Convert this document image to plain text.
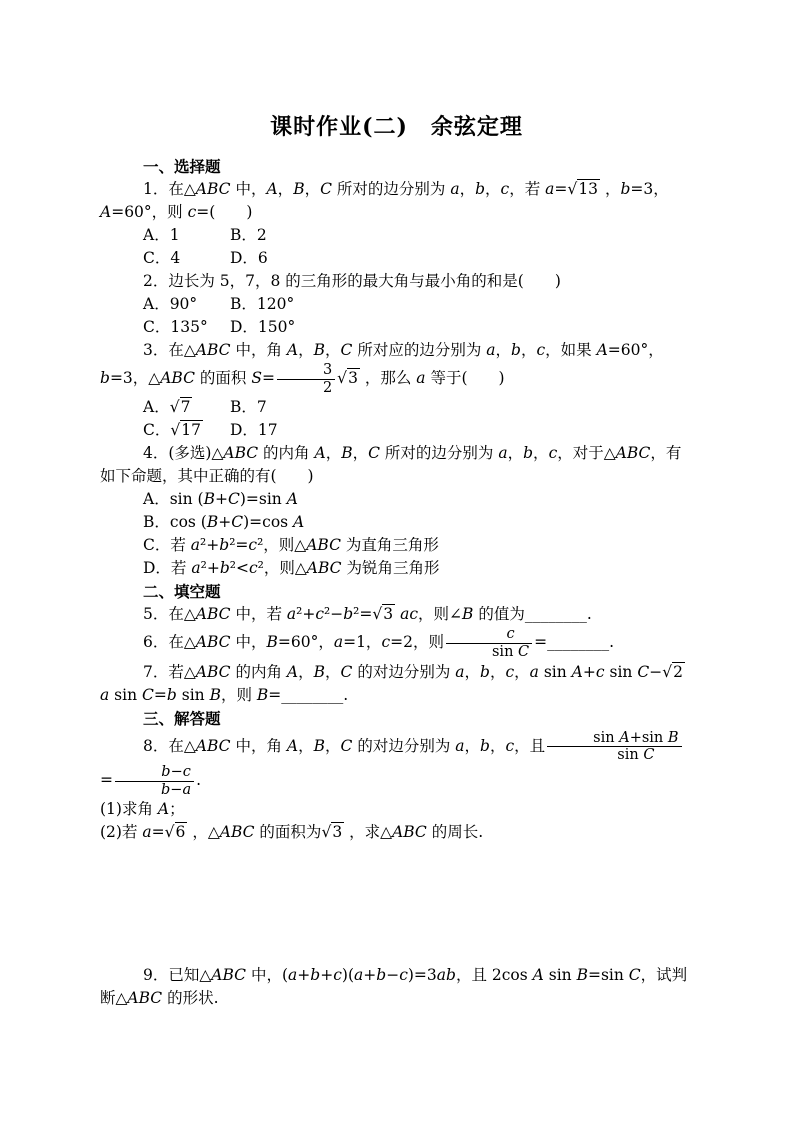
课时作业(二)　余弦定理
一、选择题
1．在△ABC 中，A，B，C 所对的边分别为 a，b，c，若 a=√13 ，b=3，A=60°，则 c=(　　)
A．1	B．2
C．4	D．6
2．边长为 5，7，8 的三角形的最大角与最小角的和是(　　)
A．90° B．120°
C．135° D．150°
3．在△ABC 中，角 A，B，C 所对应的边分别为 a，b，c，如果 A=60°，b=3，△ABC 的面积 $S= \frac{3}{2} √3$ ，那么 a 等于(　　)
A．√7	B．7
C．√17 D．17
4．(多选)△ABC 的内角 A，B，C 所对的边分别为 a，b，c，对于△ABC，有如下命题，其中正确的有(　　)
A．sin (B+C)=sin A
B．cos (B+C)=cos A
C．若 a²+b²=c²，则△ABC 为直角三角形
D．若 a²+b²<c²，则△ABC 为锐角三角形
二、填空题
5．在△ABC 中，若 a²+c²−b²=√3 ac，则∠B 的值为________.
6．在△ABC 中，B=60°，a=1，c=2，则 $\frac{c}{\text{sin C}}$ =________.
7．若△ABC 的内角 A，B，C 的对边分别为 a，b，c，a sin A+c sin C−√2 a sin C=b sin B，则 B=________.
三、解答题
8．在△ABC 中，角 A，B，C 的对边分别为 a，b，c，且 $\frac{\text{sin A+sin B}}{\text{sin C}}$
= $\frac{b-c}{b-a}$ .
(1)求角 A；
(2)若 a=√6 ，△ABC 的面积为√3 ，求△ABC 的周长.
9．已知△ABC 中，(a+b+c)(a+b−c)=3ab，且 2cos A sin B=sin C，试判断△ABC 的形状.
